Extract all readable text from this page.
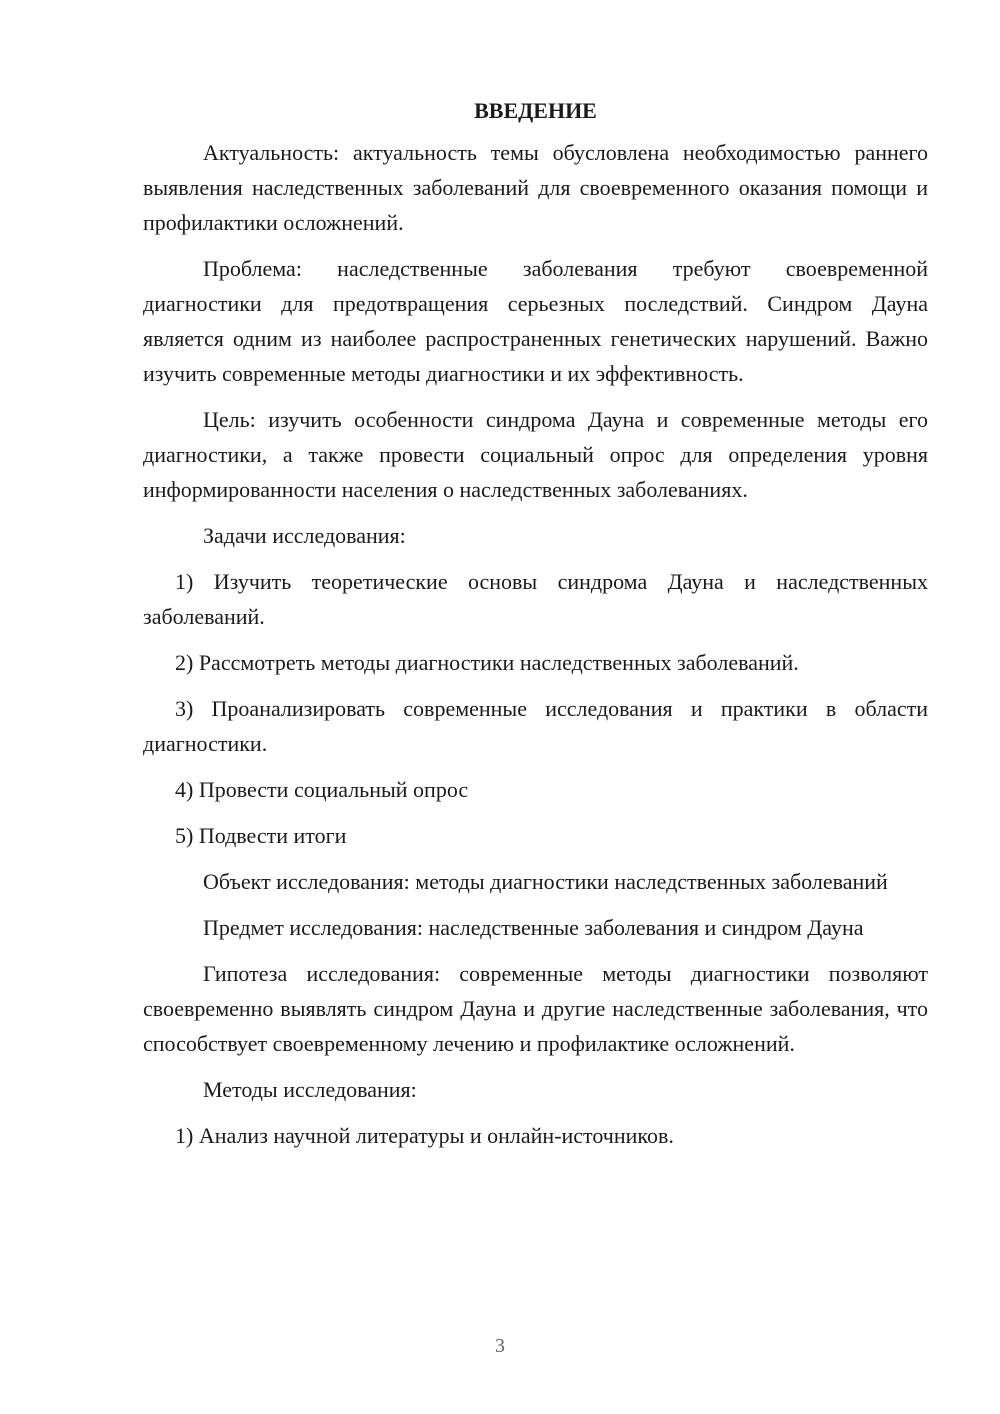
ВВЕДЕНИЕ

Актуальность: актуальность темы обусловлена необходимостью раннего выявления наследственных заболеваний для своевременного оказания помощи и профилактики осложнений.

Проблема: наследственные заболевания требуют своевременной диагностики для предотвращения серьезных последствий. Синдром Дауна является одним из наиболее распространенных генетических нарушений. Важно изучить современные методы диагностики и их эффективность.

Цель: изучить особенности синдрома Дауна и современные методы его диагностики, а также провести социальный опрос для определения уровня информированности населения о наследственных заболеваниях.

Задачи исследования:

1) Изучить теоретические основы синдрома Дауна и наследственных заболеваний.

2) Рассмотреть методы диагностики наследственных заболеваний.

3) Проанализировать современные исследования и практики в области диагностики.

4) Провести социальный опрос

5) Подвести итоги

Объект исследования: методы диагностики наследственных заболеваний

Предмет исследования: наследственные заболевания и синдром Дауна

Гипотеза исследования: современные методы диагностики позволяют своевременно выявлять синдром Дауна и другие наследственные заболевания, что способствует своевременному лечению и профилактике осложнений.

Методы исследования:

1) Анализ научной литературы и онлайн-источников.

3
